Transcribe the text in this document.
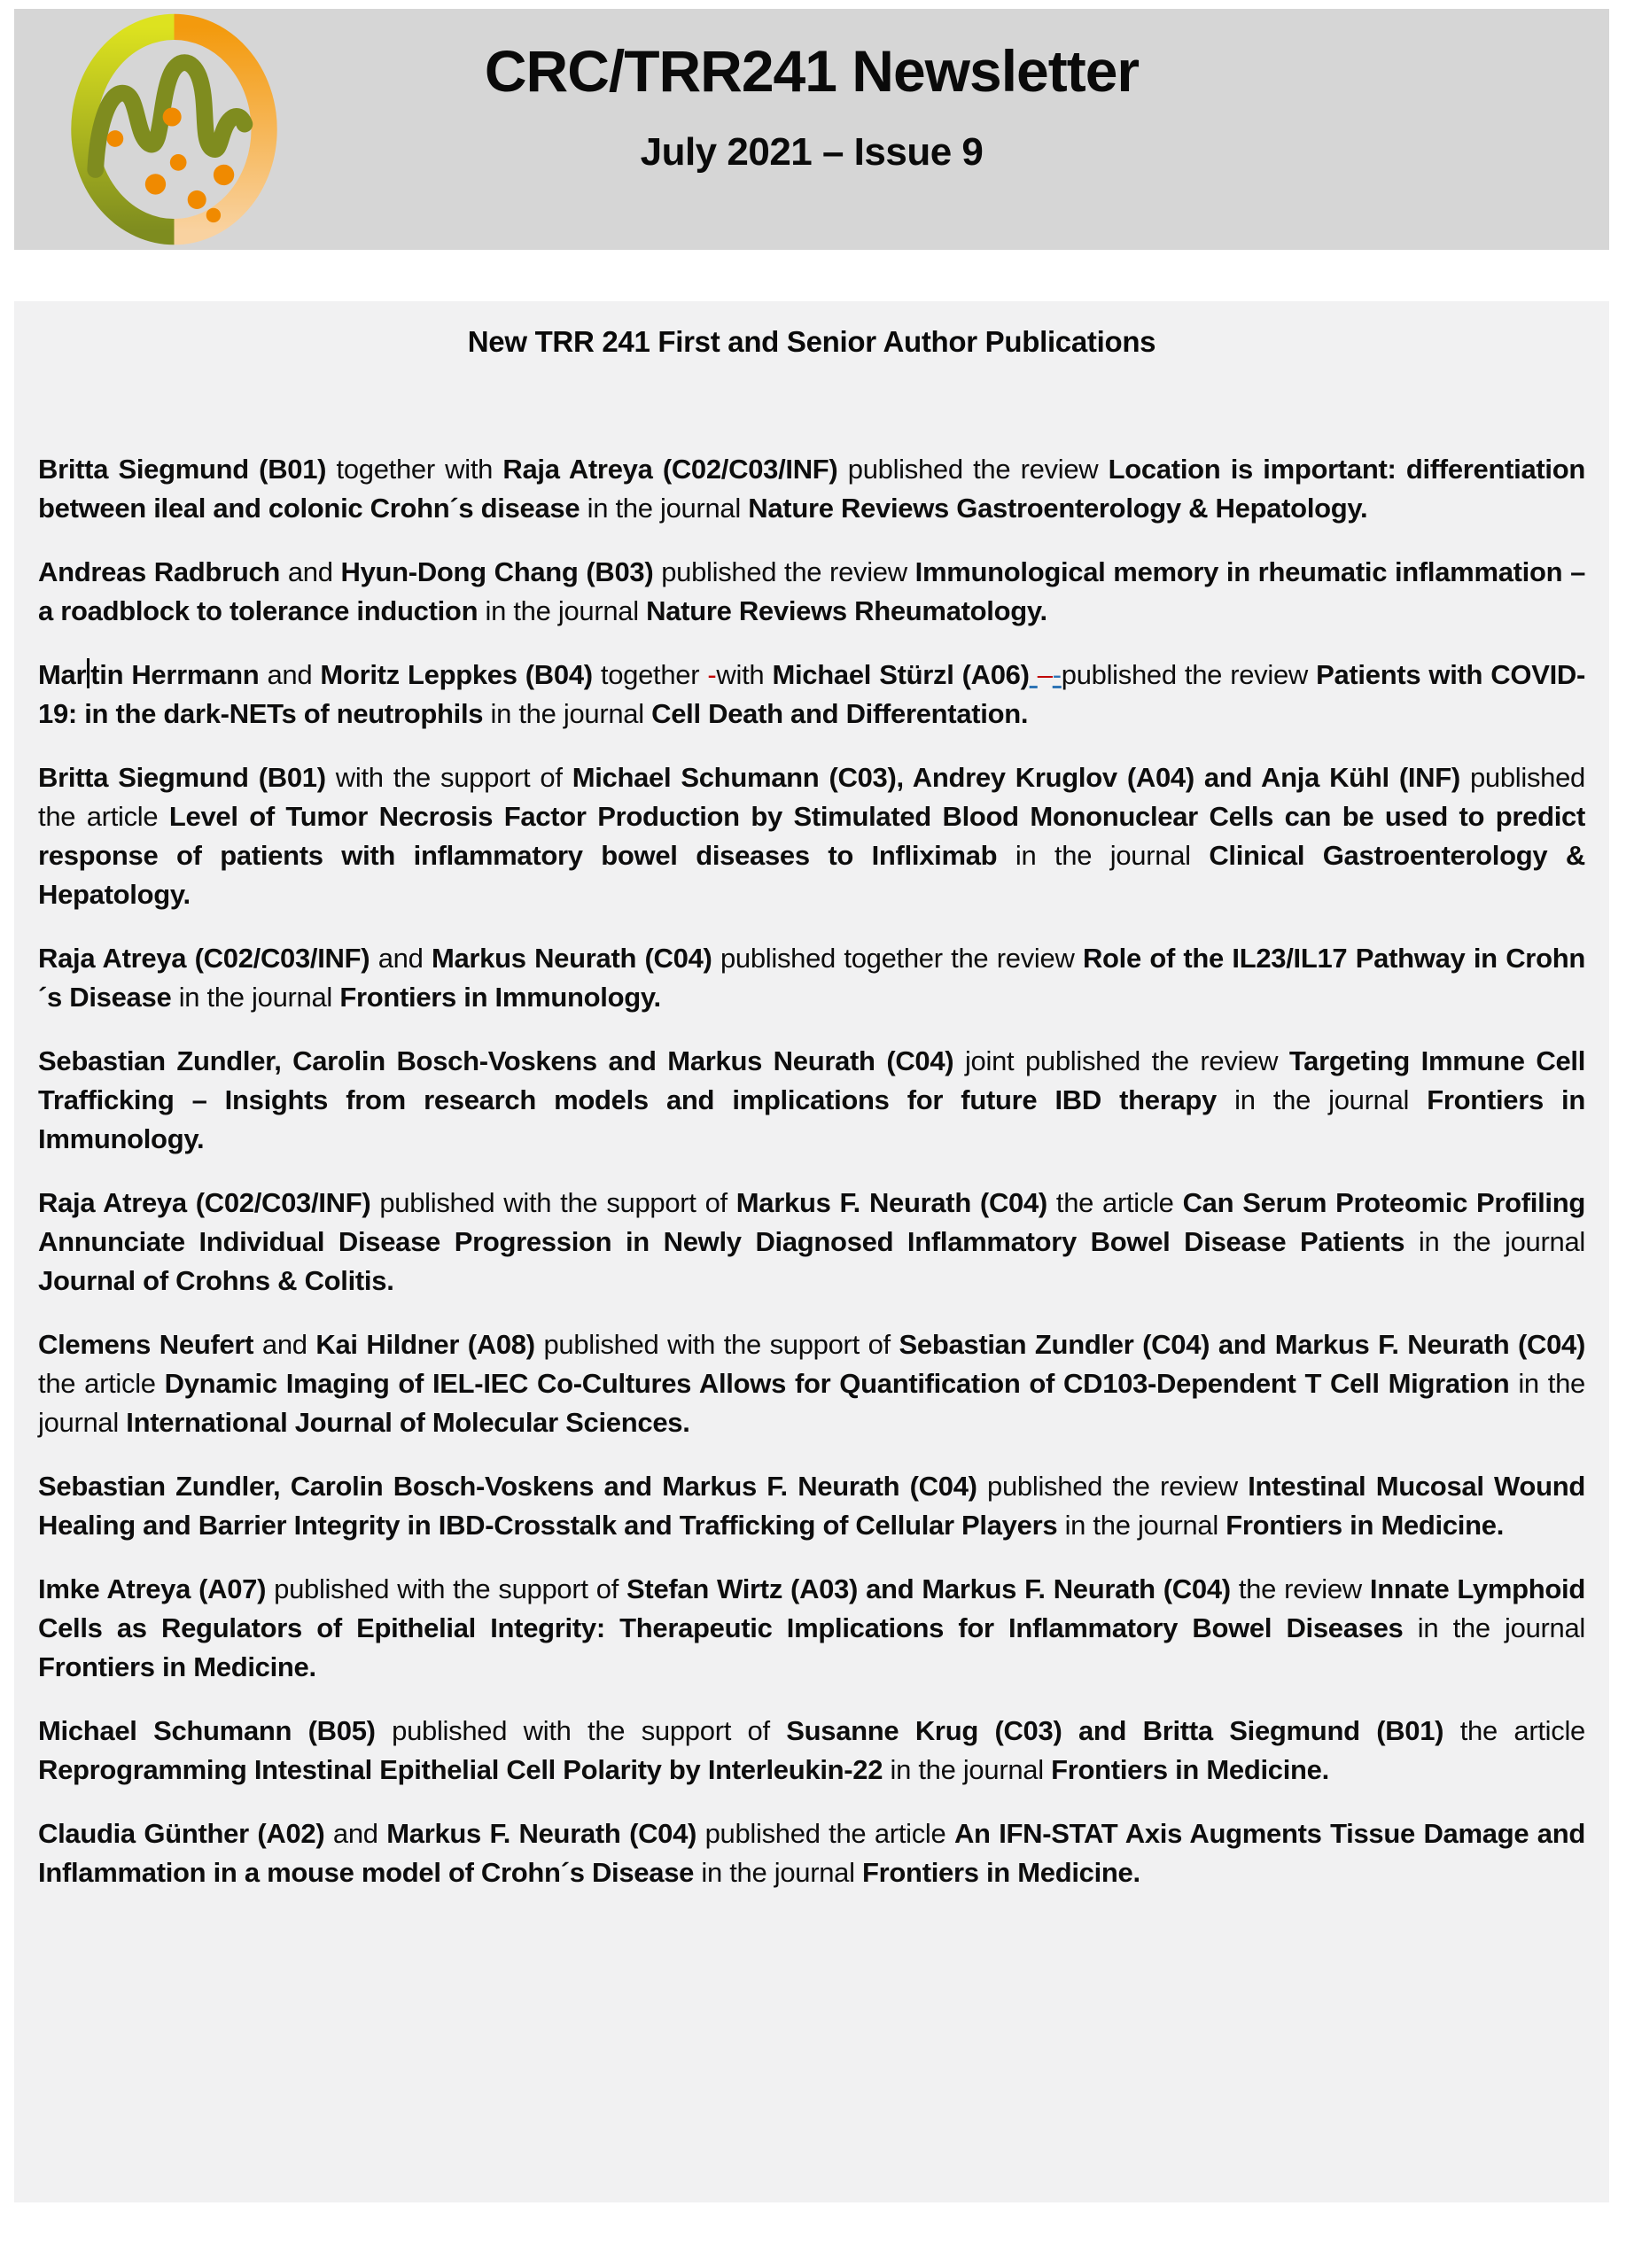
CRC/TRR241 Newsletter
July 2021 – Issue 9
New TRR 241 First and Senior Author Publications

Britta Siegmund (B01) together with Raja Atreya (C02/C03/INF) published the review Location is important: differentiation between ileal and colonic Crohn´s disease in the journal Nature Reviews Gastroenterology & Hepatology.

Andreas Radbruch and Hyun-Dong Chang (B03) published the review Immunological memory in rheumatic inflammation – a roadblock to tolerance induction in the journal Nature Reviews Rheumatology.

Mar tin Herrmann and Moritz Leppkes (B04) together -with Michael Stürzl (A06) –-published the review Patients with COVID-19: in the dark-NETs of neutrophils in the journal Cell Death and Differentation.

Britta Siegmund (B01) with the support of Michael Schumann (C03), Andrey Kruglov (A04) and Anja Kühl (INF) published the article Level of Tumor Necrosis Factor Production by Stimulated Blood Mononuclear Cells can be used to predict response of patients with inflammatory bowel diseases to Infliximab in the journal Clinical Gastroenterology & Hepatology.

Raja Atreya (C02/C03/INF) and Markus Neurath (C04) published together the review Role of the IL23/IL17 Pathway in Crohn´s Disease in the journal Frontiers in Immunology.

Sebastian Zundler, Carolin Bosch-Voskens and Markus Neurath (C04) joint published the review Targeting Immune Cell Trafficking – Insights from research models and implications for future IBD therapy in the journal Frontiers in Immunology.

Raja Atreya (C02/C03/INF) published with the support of Markus F. Neurath (C04) the article Can Serum Proteomic Profiling Annunciate Individual Disease Progression in Newly Diagnosed Inflammatory Bowel Disease Patients in the journal Journal of Crohns & Colitis.

Clemens Neufert and Kai Hildner (A08) published with the support of Sebastian Zundler (C04) and Markus F. Neurath (C04) the article Dynamic Imaging of IEL-IEC Co-Cultures Allows for Quantification of CD103-Dependent T Cell Migration in the journal International Journal of Molecular Sciences.

Sebastian Zundler, Carolin Bosch-Voskens and Markus F. Neurath (C04) published the review Intestinal Mucosal Wound Healing and Barrier Integrity in IBD-Crosstalk and Trafficking of Cellular Players in the journal Frontiers in Medicine.

Imke Atreya (A07) published with the support of Stefan Wirtz (A03) and Markus F. Neurath (C04) the review Innate Lymphoid Cells as Regulators of Epithelial Integrity: Therapeutic Implications for Inflammatory Bowel Diseases in the journal Frontiers in Medicine.

Michael Schumann (B05) published with the support of Susanne Krug (C03) and Britta Siegmund (B01) the article Reprogramming Intestinal Epithelial Cell Polarity by Interleukin-22 in the journal Frontiers in Medicine.

Claudia Günther (A02) and Markus F. Neurath (C04) published the article An IFN-STAT Axis Augments Tissue Damage and Inflammation in a mouse model of Crohn´s Disease in the journal Frontiers in Medicine.
